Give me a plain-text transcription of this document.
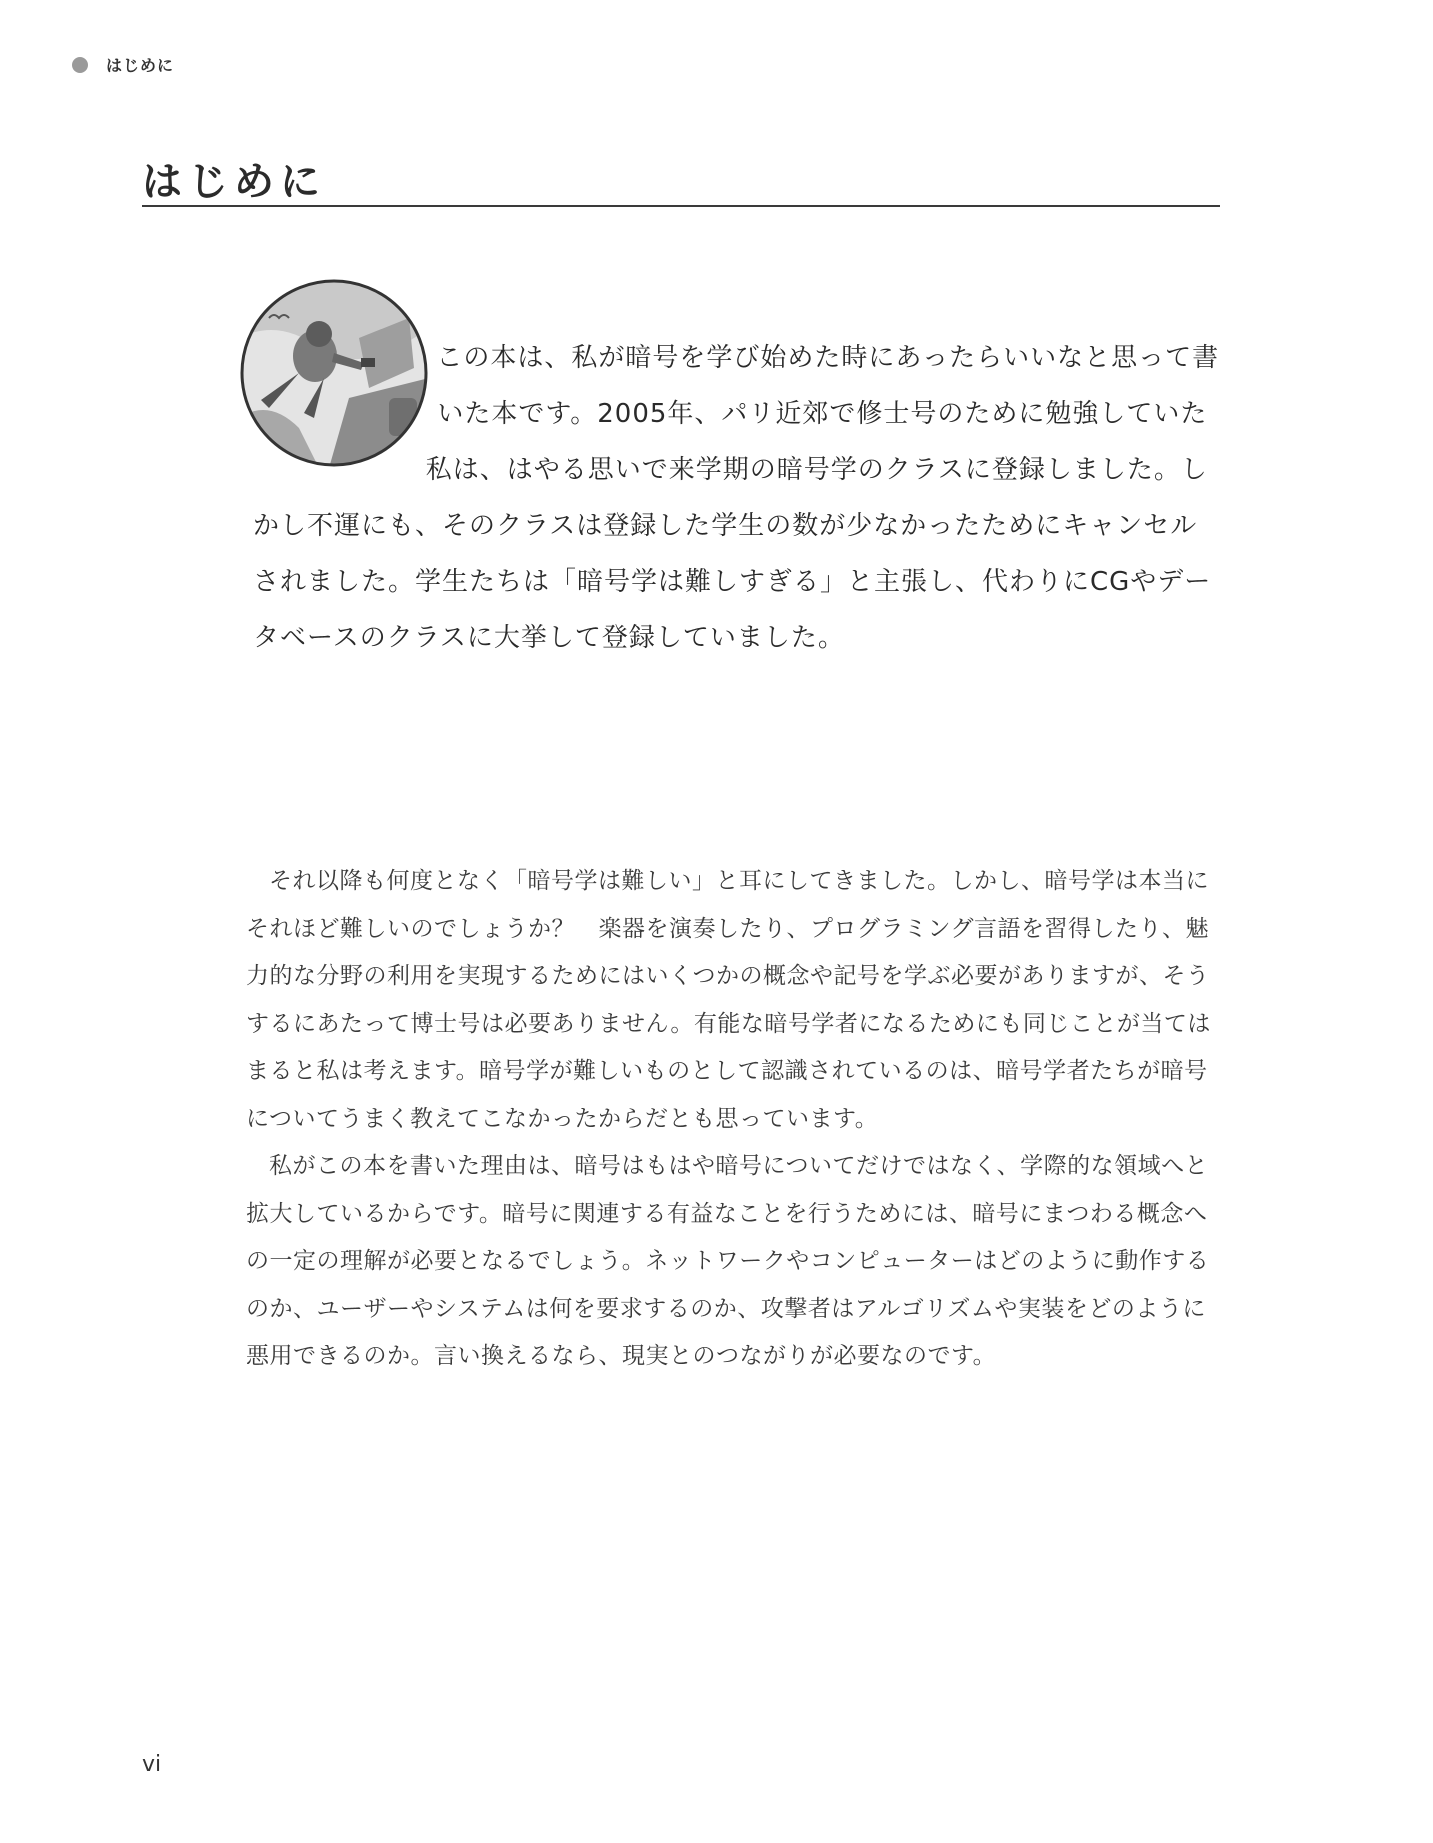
はじめに
はじめに

この本は、私が暗号を学び始めた時にあったらいいなと思って書いた本です。2005年、パリ近郊で修士号のために勉強していた私は、はやる思いで来学期の暗号学のクラスに登録しました。しかし不運にも、そのクラスは登録した学生の数が少なかったためにキャンセルされました。学生たちは「暗号学は難しすぎる」と主張し、代わりにCGやデータベースのクラスに大挙して登録していました。

それ以降も何度となく「暗号学は難しい」と耳にしてきました。しかし、暗号学は本当にそれほど難しいのでしょうか？　楽器を演奏したり、プログラミング言語を習得したり、魅力的な分野の利用を実現するためにはいくつかの概念や記号を学ぶ必要がありますが、そうするにあたって博士号は必要ありません。有能な暗号学者になるためにも同じことが当てはまると私は考えます。暗号学が難しいものとして認識されているのは、暗号学者たちが暗号についてうまく教えてこなかったからだとも思っています。

私がこの本を書いた理由は、暗号はもはや暗号についてだけではなく、学際的な領域へと拡大しているからです。暗号に関連する有益なことを行うためには、暗号にまつわる概念への一定の理解が必要となるでしょう。ネットワークやコンピューターはどのように動作するのか、ユーザーやシステムは何を要求するのか、攻撃者はアルゴリズムや実装をどのように悪用できるのか。言い換えるなら、現実とのつながりが必要なのです。

vi
